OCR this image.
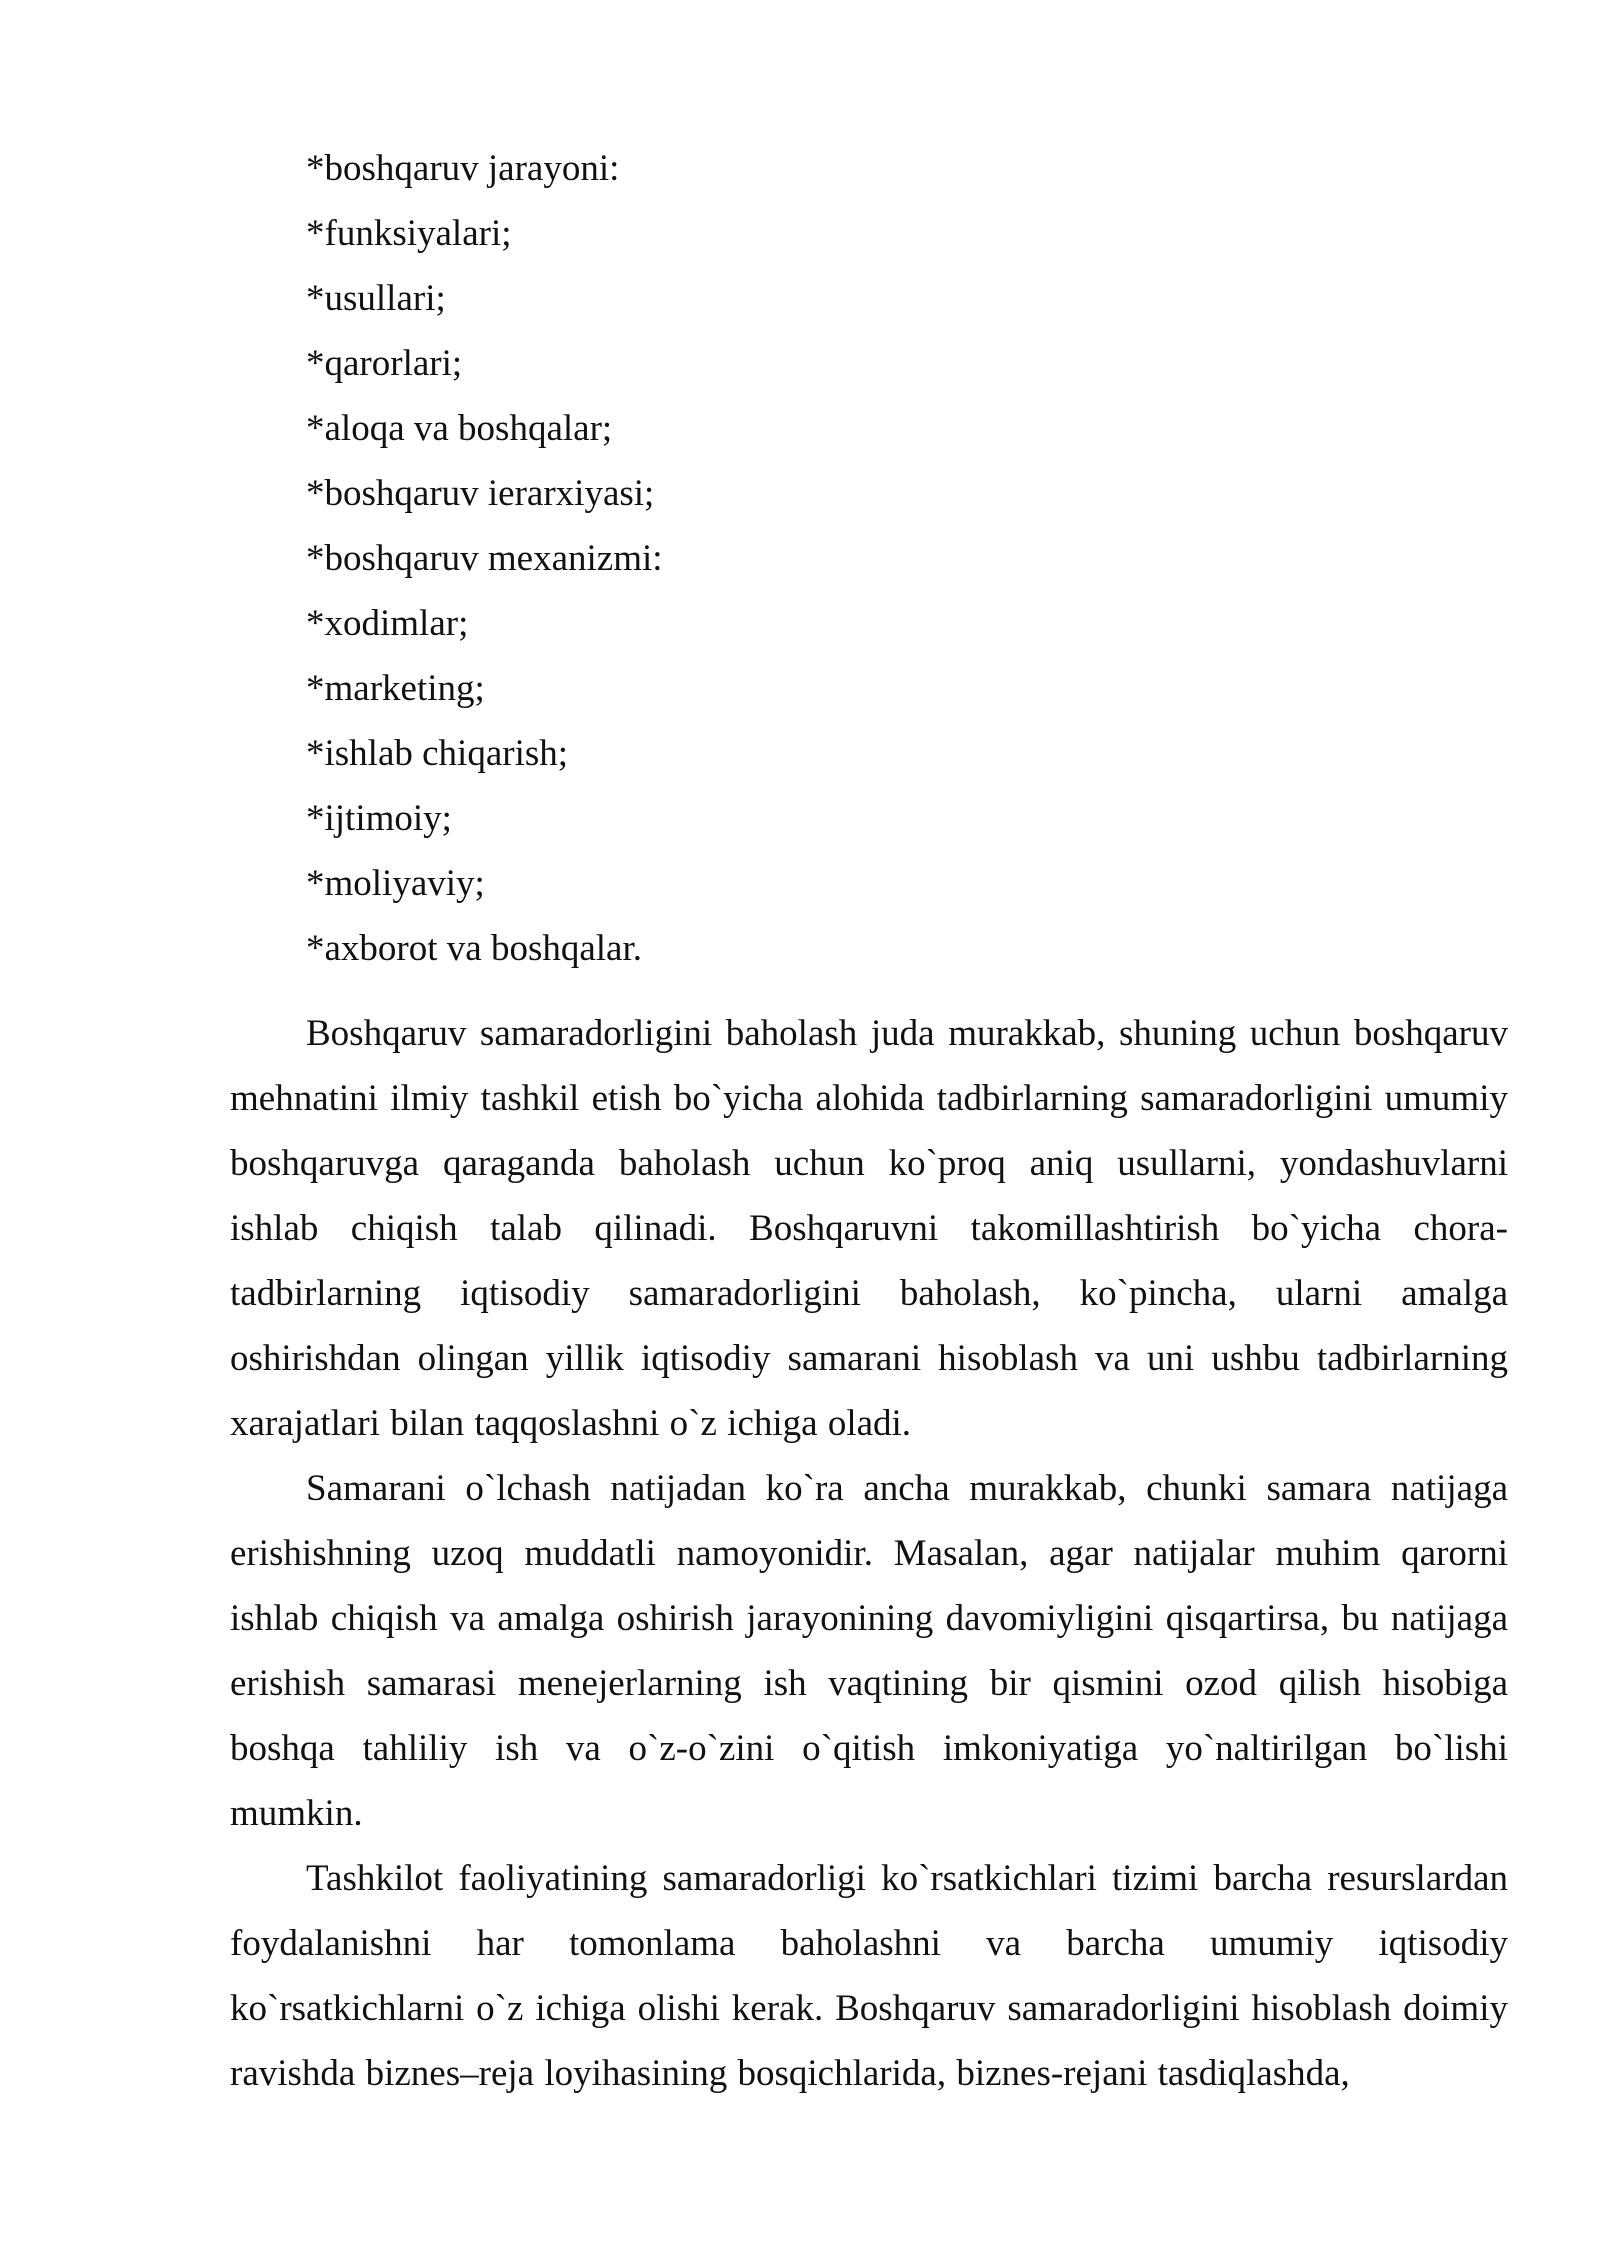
*boshqaruv jarayoni:
*funksiyalari;
*usullari;
*qarorlari;
*aloqa va boshqalar;
*boshqaruv ierarxiyasi;
*boshqaruv mexanizmi:
*xodimlar;
*marketing;
*ishlab chiqarish;
*ijtimoiy;
*moliyaviy;
*axborot va boshqalar.

Boshqaruv samaradorligini baholash juda murakkab, shuning uchun boshqaruv mehnatini ilmiy tashkil etish bo`yicha alohida tadbirlarning samaradorligini umumiy boshqaruvga qaraganda baholash uchun ko`proq aniq usullarni, yondashuvlarni ishlab chiqish talab qilinadi. Boshqaruvni takomillashtirish bo`yicha chora-tadbirlarning iqtisodiy samaradorligini baholash, ko`pincha, ularni amalga oshirishdan olingan yillik iqtisodiy samarani hisoblash va uni ushbu tadbirlarning xarajatlari bilan taqqoslashni o`z ichiga oladi.

Samarani o`lchash natijadan ko`ra ancha murakkab, chunki samara natijaga erishishning uzoq muddatli namoyonidir. Masalan, agar natijalar muhim qarorni ishlab chiqish va amalga oshirish jarayonining davomiyligini qisqartirsa, bu natijaga erishish samarasi menejerlarning ish vaqtining bir qismini ozod qilish hisobiga boshqa tahliliy ish va o`z-o`zini o`qitish imkoniyatiga yo`naltirilgan bo`lishi mumkin.

Tashkilot faoliyatining samaradorligi ko`rsatkichlari tizimi barcha resurslardan foydalanishni har tomonlama baholashni va barcha umumiy iqtisodiy ko`rsatkichlarni o`z ichiga olishi kerak. Boshqaruv samaradorligini hisoblash doimiy ravishda biznes–reja loyihasining bosqichlarida, biznes-rejani tasdiqlashda,
